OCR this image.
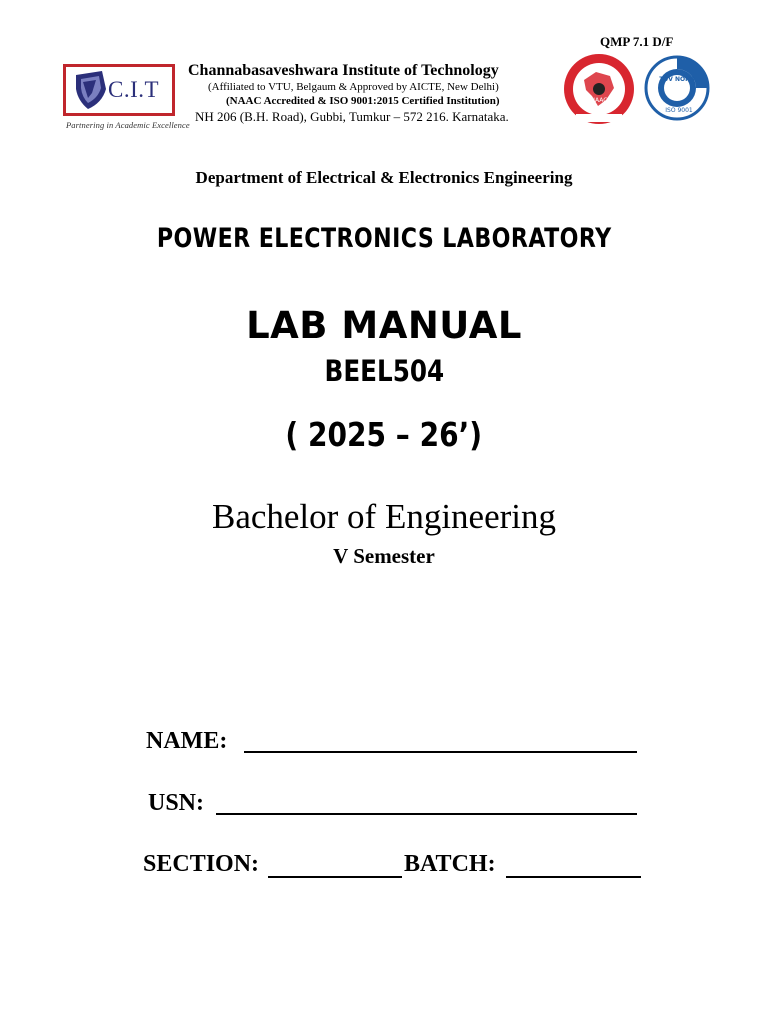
QMP 7.1 D/F
C.I.T
Partnering in Academic Excellence
Channabasaveshwara Institute of Technology
(Affiliated to VTU, Belgaum & Approved by AICTE, New Delhi)
(NAAC Accredited & ISO 9001:2015 Certified Institution)
NH 206 (B.H. Road), Gubbi, Tumkur – 572 216. Karnataka.
NAAC
TÜV NORD
ISO 9001
Department of Electrical & Electronics Engineering
POWER ELECTRONICS LABORATORY
LAB MANUAL
BEEL504
( 2025 – 26’)
Bachelor of Engineering
V Semester
NAME:
USN:
SECTION:	BATCH:
